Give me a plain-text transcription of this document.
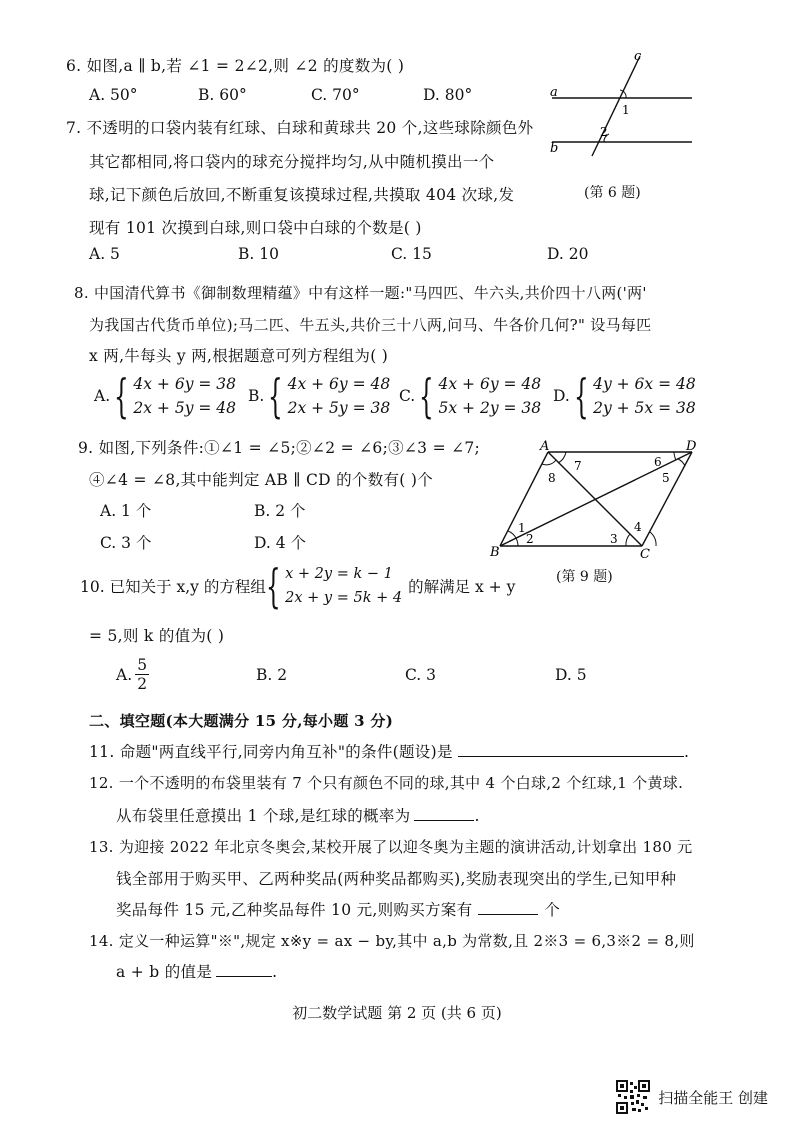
6. 如图,a ∥ b,若 ∠1 = 2∠2,则 ∠2 的度数为( )
A. 50°	B. 60°	C. 70°	D. 80°
c
a
b
1
2
(第 6 题)
7. 不透明的口袋内装有红球、白球和黄球共 20 个,这些球除颜色外
其它都相同,将口袋内的球充分搅拌均匀,从中随机摸出一个
球,记下颜色后放回,不断重复该摸球过程,共摸取 404 次球,发
现有 101 次摸到白球,则口袋中白球的个数是( )
A. 5	B. 10	C. 15	D. 20
8. 中国清代算书《御制数理精蕴》中有这样一题:"马四匹、牛六头,共价四十八两('两'
为我国古代货币单位);马二匹、牛五头,共价三十八两,问马、牛各价几何?" 设马每匹
x 两,牛每头 y 两,根据题意可列方程组为( )
A. { 4x + 6y = 38
2x + 5y = 48
B. { 4x + 6y = 48
2x + 5y = 38
C. { 4x + 6y = 48
5x + 2y = 38
D. { 4y + 6x = 48
2y + 5x = 38
9. 如图,下列条件:①∠1 = ∠5;②∠2 = ∠6;③∠3 = ∠7;
④∠4 = ∠8,其中能判定 AB ∥ CD 的个数有( )个
A. 1 个	B. 2 个
C. 3 个	D. 4 个
A	D
B	C
1
2	3
4
5
6
7
8
(第 9 题)
10. 已知关于 x,y 的方程组 { x + 2y = k − 1
2x + y = 5k + 4
的解满足 x + y
= 5,则 k 的值为( )
A. $\frac{5}{2}$	B. 2	C. 3	D. 5
二、填空题(本大题满分 15 分,每小题 3 分)
11. 命题"两直线平行,同旁内角互补"的条件(题设)是	.
12. 一个不透明的布袋里装有 7 个只有颜色不同的球,其中 4 个白球,2 个红球,1 个黄球.
从布袋里任意摸出 1 个球,是红球的概率为	.
13. 为迎接 2022 年北京冬奥会,某校开展了以迎冬奥为主题的演讲活动,计划拿出 180 元
钱全部用于购买甲、乙两种奖品(两种奖品都购买),奖励表现突出的学生,已知甲种
奖品每件 15 元,乙种奖品每件 10 元,则购买方案有	个
14. 定义一种运算"※",规定 x※y = ax − by,其中 a,b 为常数,且 2※3 = 6,3※2 = 8,则
a + b 的值是	.
初二数学试题 第 2 页 (共 6 页)
扫描全能王 创建
